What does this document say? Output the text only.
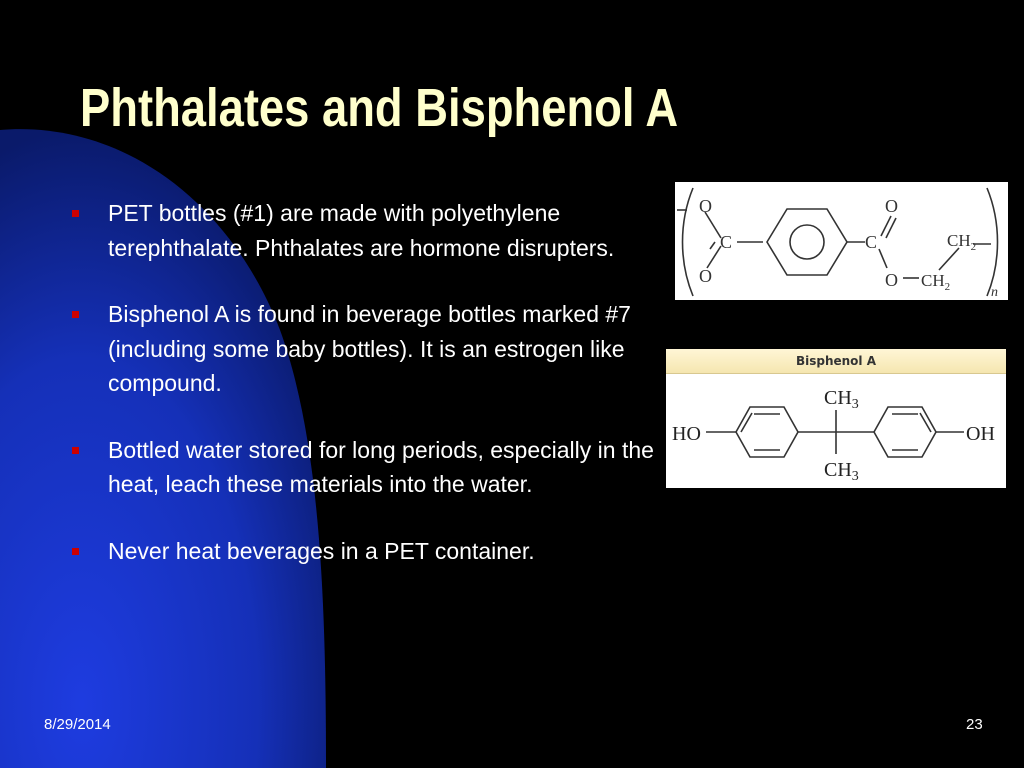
Phthalates and Bisphenol A
PET bottles (#1) are made with polyethylene terephthalate. Phthalates are hormone disrupters.
Bisphenol A is found in beverage bottles marked #7 (including some baby bottles). It is an estrogen like compound.
Bottled water stored for long periods, especially in the heat, leach these materials into the water.
Never heat beverages in a PET container.
O
C
O
C
O
O
$CH_2$
$CH_2$	n
Bisphenol A
HO	OH
$CH_3$
$CH_3$
8/29/2014	23
